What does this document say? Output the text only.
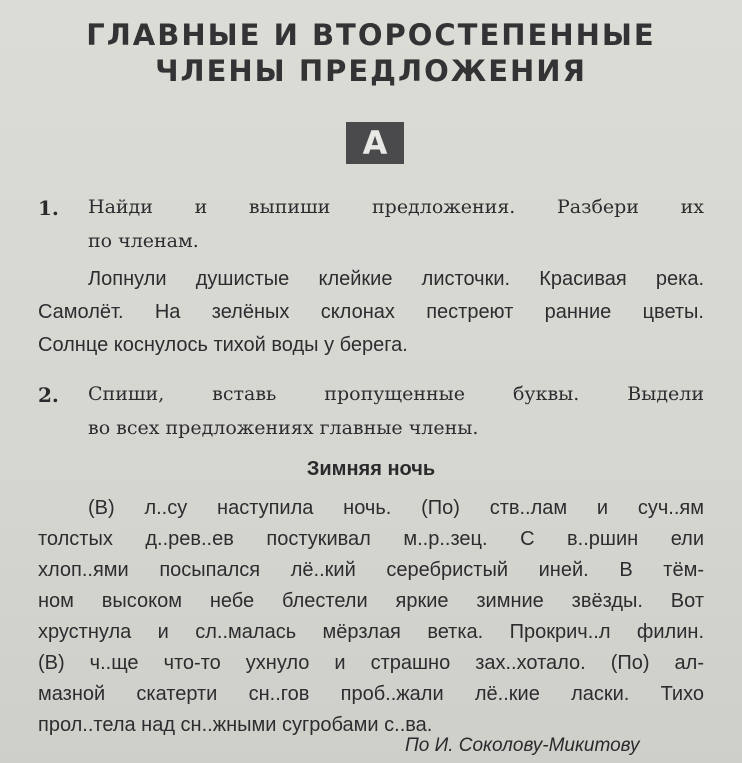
ГЛАВНЫЕ И ВТОРОСТЕПЕННЫЕ
ЧЛЕНЫ ПРЕДЛОЖЕНИЯ
А
1. Найди и выпиши предложения. Разбери их
по членам.
Лопнули душистые клейкие листочки. Красивая река.
Самолёт. На зелёных склонах пестреют ранние цветы.
Солнце коснулось тихой воды у берега.
2. Спиши, вставь пропущенные буквы. Выдели
во всех предложениях главные члены.
Зимняя ночь
(В) л..су наступила ночь. (По) ств..лам и суч..ям
толстых д..рев..ев постукивал м..р..зец. С в..ршин ели
хлоп..ями посыпался лё..кий серебристый иней. В тём-
ном высоком небе блестели яркие зимние звёзды. Вот
хрустнула и сл..малась мёрзлая ветка. Прокрич..л филин.
(В) ч..ще что-то ухнуло и страшно зах..хотало. (По) ал-
мазной скатерти сн..гов проб..жали лё..кие ласки. Тихо
прол..тела над сн..жными сугробами с..ва.
По И. Соколову-Микитову
